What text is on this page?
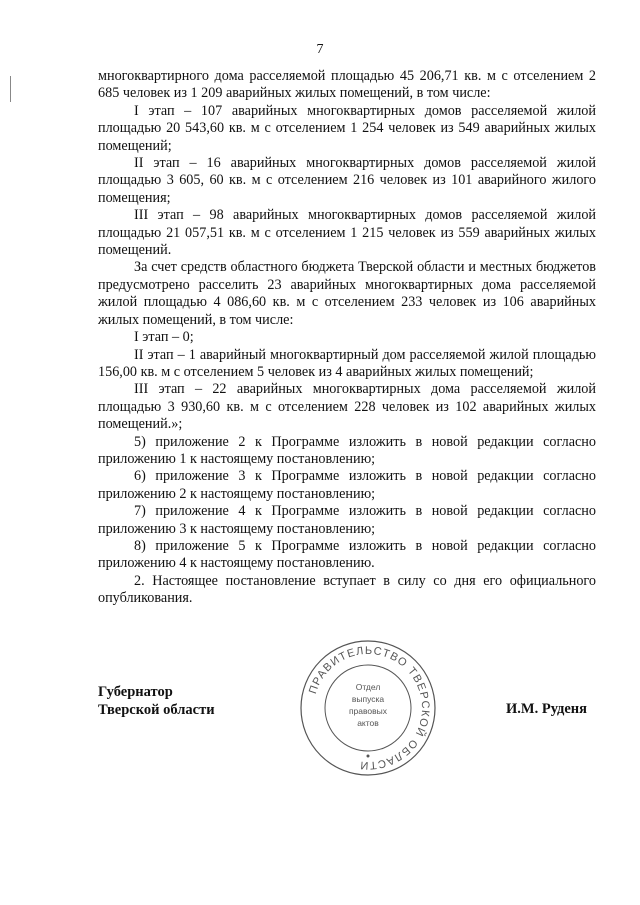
7

многоквартирного дома расселяемой площадью 45 206,71 кв. м с отселением 2 685 человек из 1 209 аварийных жилых помещений, в том числе:

I этап – 107 аварийных многоквартирных домов расселяемой жилой площадью 20 543,60 кв. м с отселением 1 254 человек из 549 аварийных жилых помещений;

II этап – 16 аварийных многоквартирных домов расселяемой жилой площадью 3 605, 60 кв. м с отселением 216 человек из 101 аварийного жилого помещения;

III этап – 98 аварийных многоквартирных домов расселяемой жилой площадью 21 057,51 кв. м с отселением 1 215 человек из 559 аварийных жилых помещений.

За счет средств областного бюджета Тверской области и местных бюджетов предусмотрено расселить 23 аварийных многоквартирных дома расселяемой жилой площадью 4 086,60 кв. м с отселением 233 человек из 106 аварийных жилых помещений, в том числе:

I этап – 0;

II этап – 1 аварийный многоквартирный дом расселяемой жилой площадью 156,00 кв. м с отселением 5 человек из 4 аварийных жилых помещений;

III этап – 22 аварийных многоквартирных дома расселяемой жилой площадью 3 930,60 кв. м с отселением 228 человек из 102 аварийных жилых помещений.»;

5) приложение 2 к Программе изложить в новой редакции согласно приложению 1 к настоящему постановлению;

6) приложение 3 к Программе изложить в новой редакции согласно приложению 2 к настоящему постановлению;

7) приложение 4 к Программе изложить в новой редакции согласно приложению 3 к настоящему постановлению;

8) приложение 5 к Программе изложить в новой редакции согласно приложению 4 к настоящему постановлению.

2. Настоящее постановление вступает в силу со дня его официального опубликования.

Губернатор
Тверской области
ПРАВИТЕЛЬСТВО ТВЕРСКОЙ ОБЛАСТИ
Отдел
выпуска
правовых
актов
И.М. Руденя
